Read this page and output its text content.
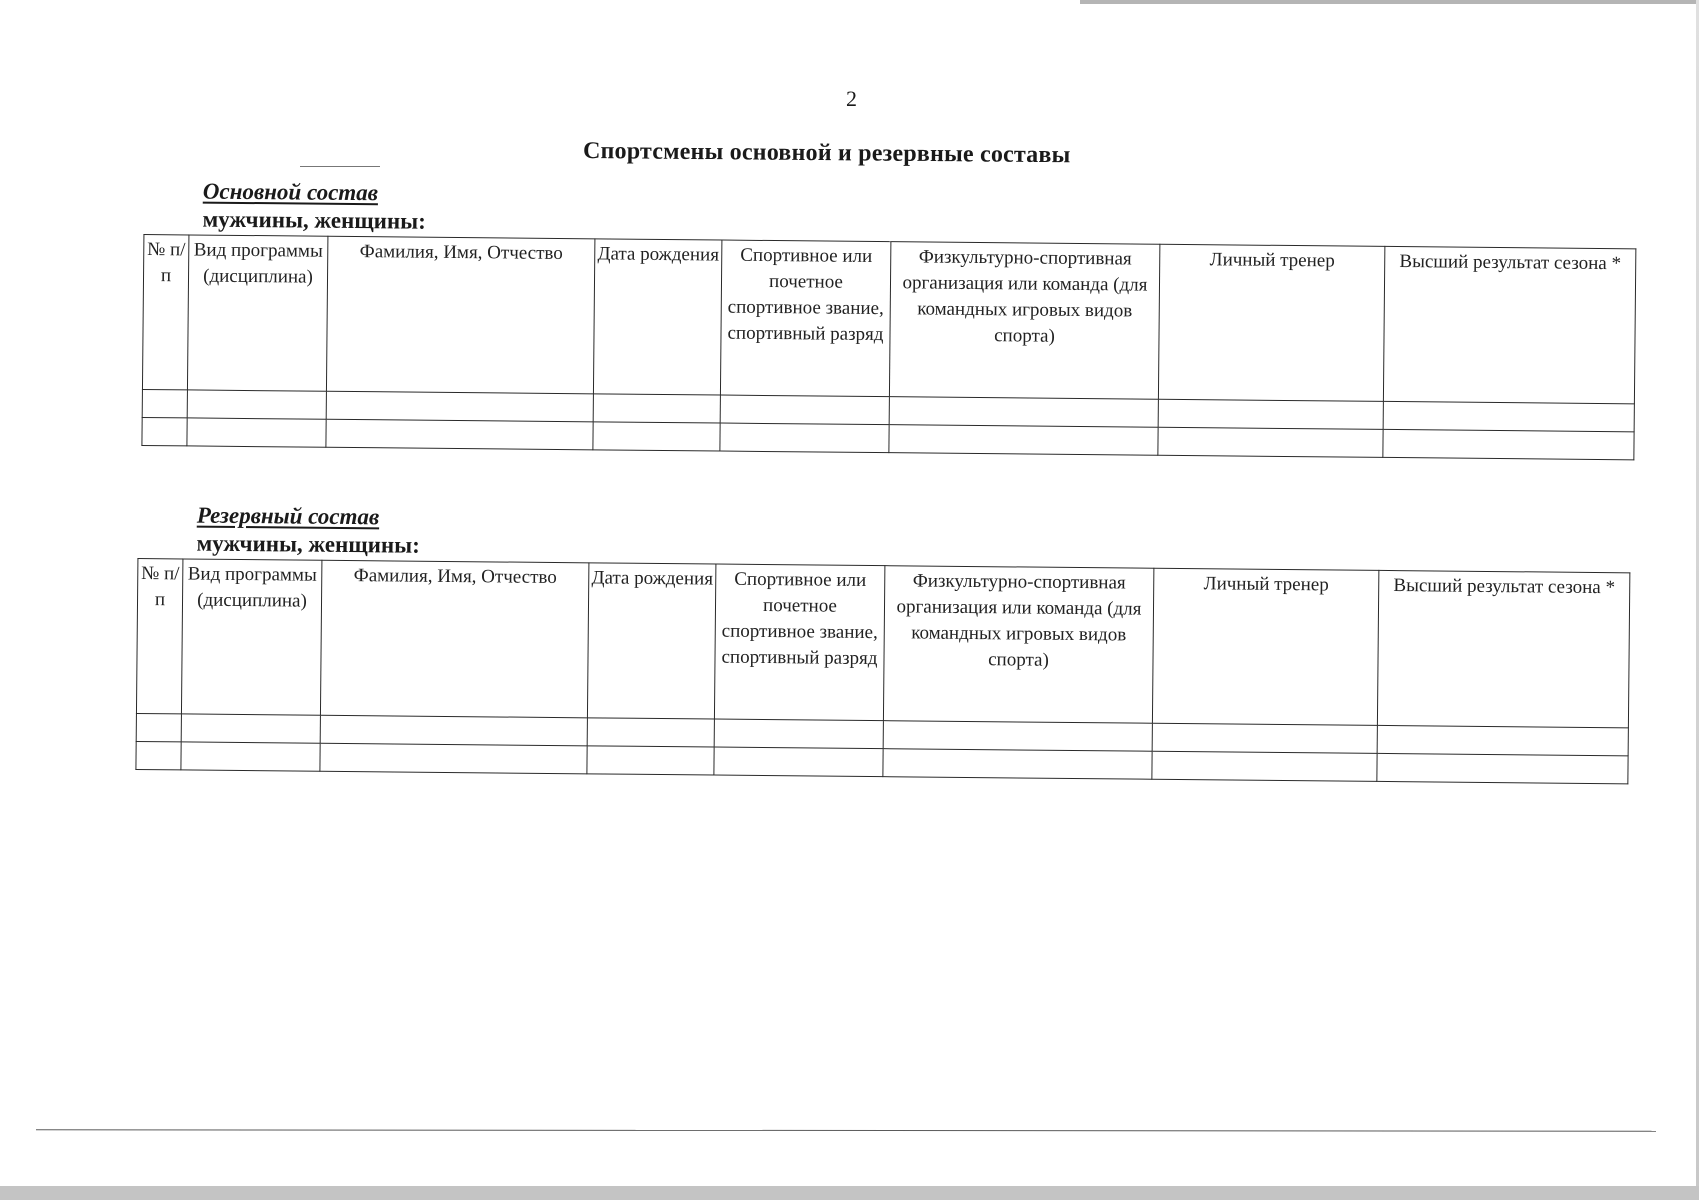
2
Спортсмены основной и резервные составы
Основной состав
мужчины, женщины:
№ п/п	Вид программы (дисциплина)	Фамилия, Имя, Отчество	Дата рождения	Спортивное или почетное спортивное звание, спортивный разряд	Физкультурно-спортивная организация или команда (для командных игровых видов спорта)	Личный тренер	Высший результат сезона *

Резервный состав
мужчины, женщины:
№ п/п	Вид программы (дисциплина)	Фамилия, Имя, Отчество	Дата рождения	Спортивное или почетное спортивное звание, спортивный разряд	Физкультурно-спортивная организация или команда (для командных игровых видов спорта)	Личный тренер	Высший результат сезона *
